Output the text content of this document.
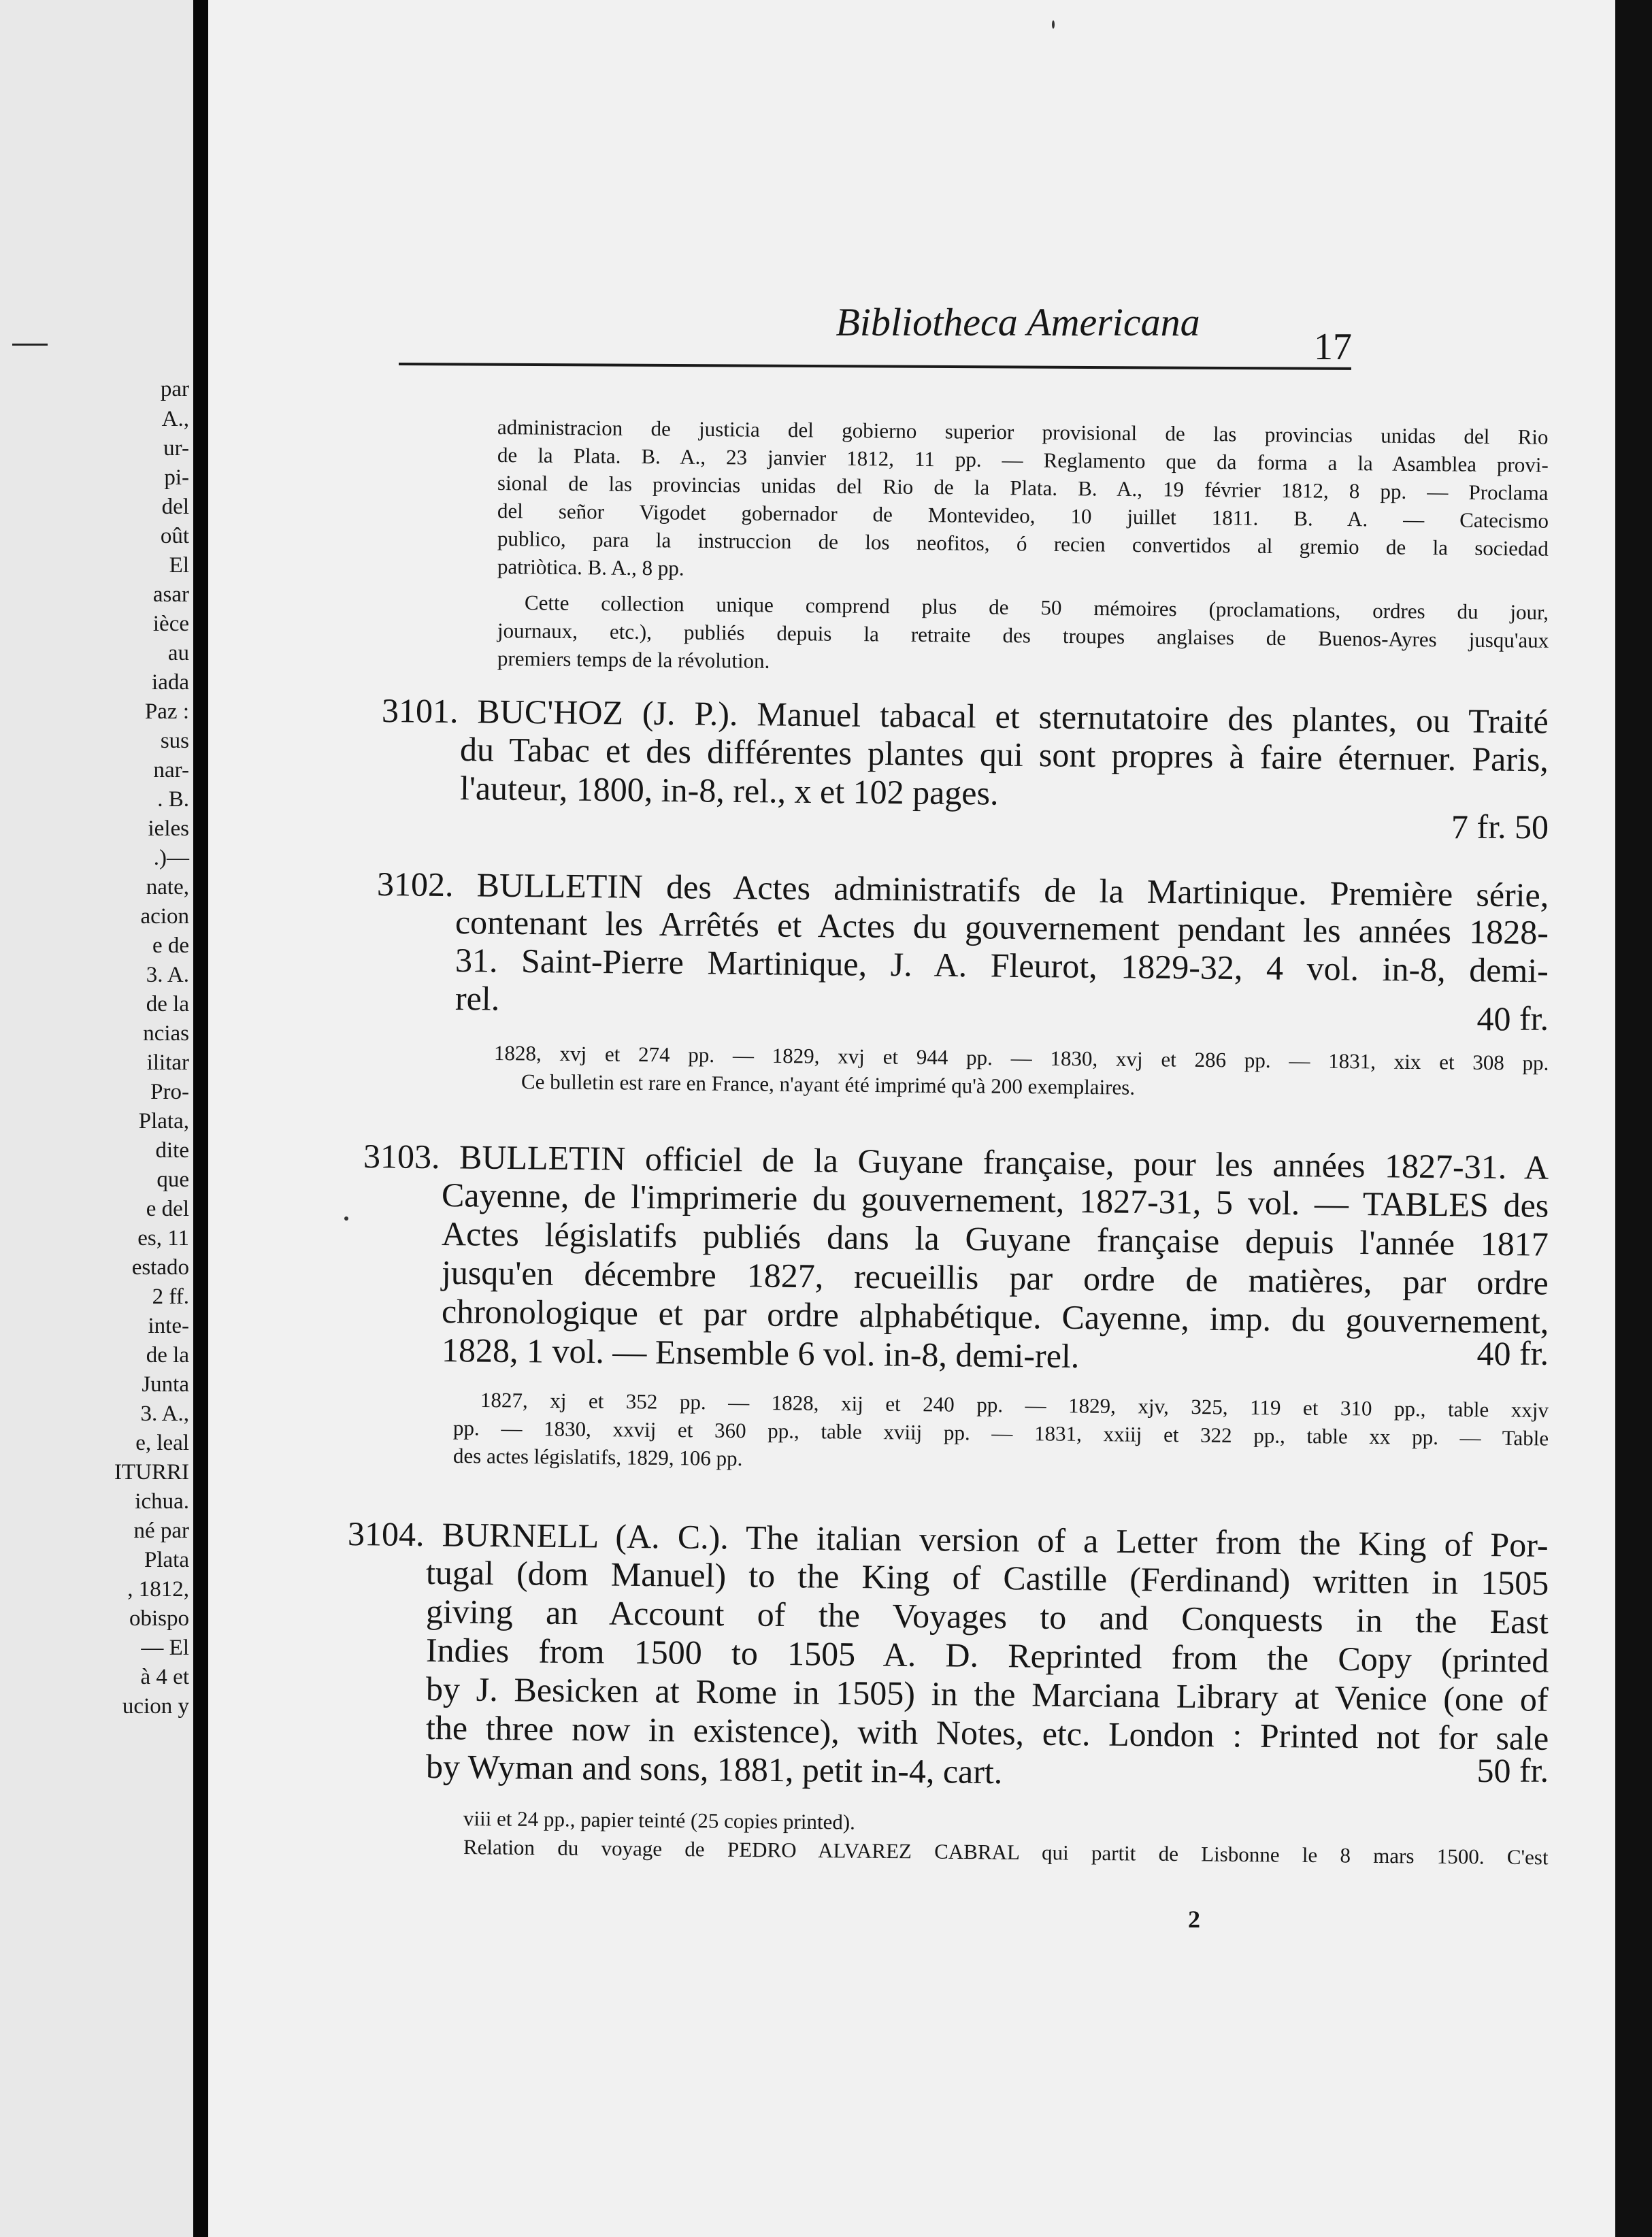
par
A.,
ur-
pi-
del
oût
El
asar
ièce
au
iada
Paz :
sus
nar-
. B.
ieles
.)—
nate,
acion
e de
3. A.
de la
ncias
ilitar
Pro-
Plata,
dite
que
e del
es, 11
estado
2 ff.
inte-
de la
Junta
3. A.,
e, leal
ITURRI
ichua.
né par
Plata
, 1812,
obispo
— El
à 4 et
ucion y
Bibliotheca Americana
17
administracion de justicia del gobierno superior provisional de las provincias unidas del Rio
de la Plata. B. A., 23 janvier 1812, 11 pp. — Reglamento que da forma a la Asamblea provi-
sional de las provincias unidas del Rio de la Plata. B. A., 19 février 1812, 8 pp. — Proclama
del señor Vigodet gobernador de Montevideo, 10 juillet 1811. B. A. — Catecismo
publico, para la instruccion de los neofitos, ó recien convertidos al gremio de la sociedad
patriòtica. B. A., 8 pp.
Cette collection unique comprend plus de 50 mémoires (proclamations, ordres du jour,
journaux, etc.), publiés depuis la retraite des troupes anglaises de Buenos-Ayres jusqu'aux
premiers temps de la révolution.
7 fr. 50
3101. BUC'HOZ (J. P.). Manuel tabacal et sternutatoire des plantes, ou Traité
du Tabac et des différentes plantes qui sont propres à faire éternuer. Paris,
l'auteur, 1800, in-8, rel., x et 102 pages.
40 fr.
3102. BULLETIN des Actes administratifs de la Martinique. Première série,
contenant les Arrêtés et Actes du gouvernement pendant les années 1828-
31. Saint-Pierre Martinique, J. A. Fleurot, 1829-32, 4 vol. in-8, demi-
rel.
1828, xvj et 274 pp. — 1829, xvj et 944 pp. — 1830, xvj et 286 pp. — 1831, xix et 308 pp.
Ce bulletin est rare en France, n'ayant été imprimé qu'à 200 exemplaires.
40 fr.
3103. BULLETIN officiel de la Guyane française, pour les années 1827-31. A
Cayenne, de l'imprimerie du gouvernement, 1827-31, 5 vol. — TABLES des
Actes législatifs publiés dans la Guyane française depuis l'année 1817
jusqu'en décembre 1827, recueillis par ordre de matières, par ordre
chronologique et par ordre alphabétique. Cayenne, imp. du gouvernement,
1828, 1 vol. — Ensemble 6 vol. in-8, demi-rel.
1827, xj et 352 pp. — 1828, xij et 240 pp. — 1829, xjv, 325, 119 et 310 pp., table xxjv
pp. — 1830, xxvij et 360 pp., table xviij pp. — 1831, xxiij et 322 pp., table xx pp. — Table
des actes législatifs, 1829, 106 pp.
50 fr.
3104. BURNELL (A. C.). The italian version of a Letter from the King of Por-
tugal (dom Manuel) to the King of Castille (Ferdinand) written in 1505
giving an Account of the Voyages to and Conquests in the East
Indies from 1500 to 1505 A. D. Reprinted from the Copy (printed
by J. Besicken at Rome in 1505) in the Marciana Library at Venice (one of
the three now in existence), with Notes, etc. London : Printed not for sale
by Wyman and sons, 1881, petit in-4, cart.
viii et 24 pp., papier teinté (25 copies printed).
Relation du voyage de PEDRO ALVAREZ CABRAL qui partit de Lisbonne le 8 mars 1500. C'est
2
